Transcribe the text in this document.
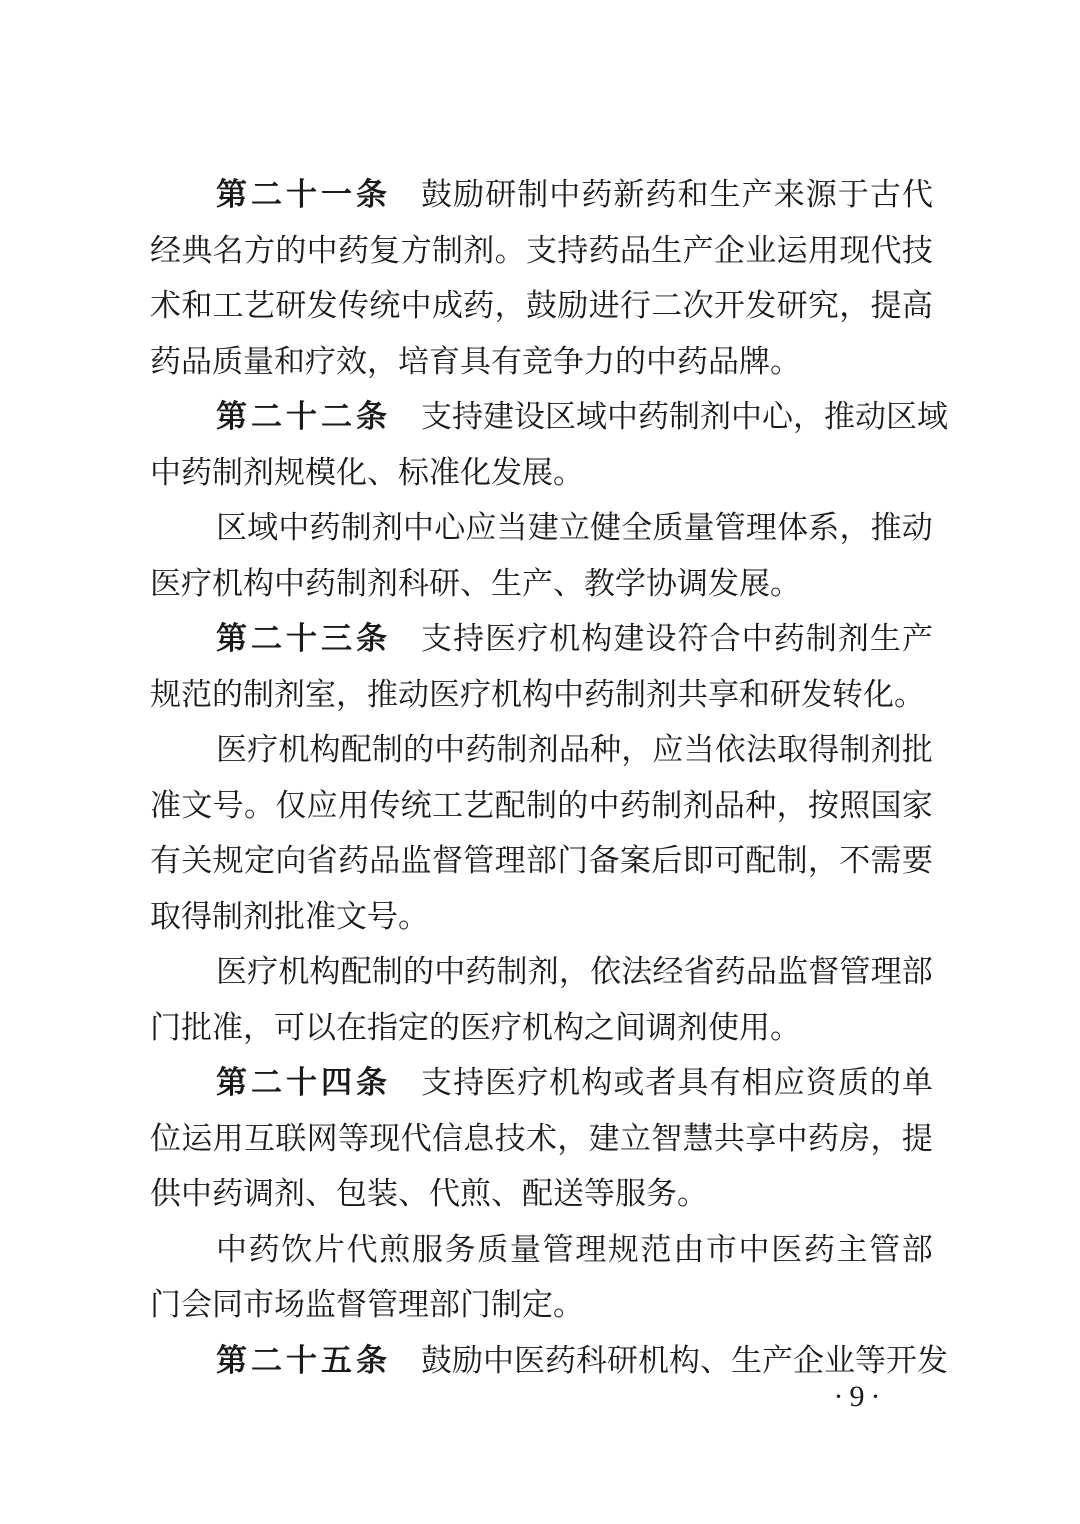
第二十一条 鼓 励 研 制 中 药 新 药 和 生 产 来 源 于 古 代
经 典 名 方 的 中 药 复 方 制 剂 。 支 持 药 品 生 产 企 业 运 用 现 代 技
术 和 工 艺 研 发 传 统 中 成 药 ， 鼓 励 进 行 二 次 开 发 研 究 ， 提 高
药 品 质 量 和 疗 效 ， 培 育 具 有 竞 争 力 的 中 药 品 牌 。
第二十二条 支 持 建 设 区 域 中 药 制 剂 中 心 ， 推 动 区 域
中 药 制 剂 规 模 化 、 标 准 化 发 展 。
区 域 中 药 制 剂 中 心 应 当 建 立 健 全 质 量 管 理 体 系 ， 推 动
医 疗 机 构 中 药 制 剂 科 研 、 生 产 、 教 学 协 调 发 展 。
第二十三条 支 持 医 疗 机 构 建 设 符 合 中 药 制 剂 生 产
规 范 的 制 剂 室 ， 推 动 医 疗 机 构 中 药 制 剂 共 享 和 研 发 转 化 。
医 疗 机 构 配 制 的 中 药 制 剂 品 种 ， 应 当 依 法 取 得 制 剂 批
准 文 号 。 仅 应 用 传 统 工 艺 配 制 的 中 药 制 剂 品 种 ， 按 照 国 家
有 关 规 定 向 省 药 品 监 督 管 理 部 门 备 案 后 即 可 配 制 ， 不 需 要
取 得 制 剂 批 准 文 号 。
医 疗 机 构 配 制 的 中 药 制 剂 ， 依 法 经 省 药 品 监 督 管 理 部
门 批 准 ， 可 以 在 指 定 的 医 疗 机 构 之 间 调 剂 使 用 。
第二十四条 支 持 医 疗 机 构 或 者 具 有 相 应 资 质 的 单
位 运 用 互 联 网 等 现 代 信 息 技 术 ， 建 立 智 慧 共 享 中 药 房 ， 提
供 中 药 调 剂 、 包 装 、 代 煎 、 配 送 等 服 务 。
中 药 饮 片 代 煎 服 务 质 量 管 理 规 范 由 市 中 医 药 主 管 部
门 会 同 市 场 监 督 管 理 部 门 制 定 。
第二十五条 鼓 励 中 医 药 科 研 机 构 、 生 产 企 业 等 开 发
·9·
